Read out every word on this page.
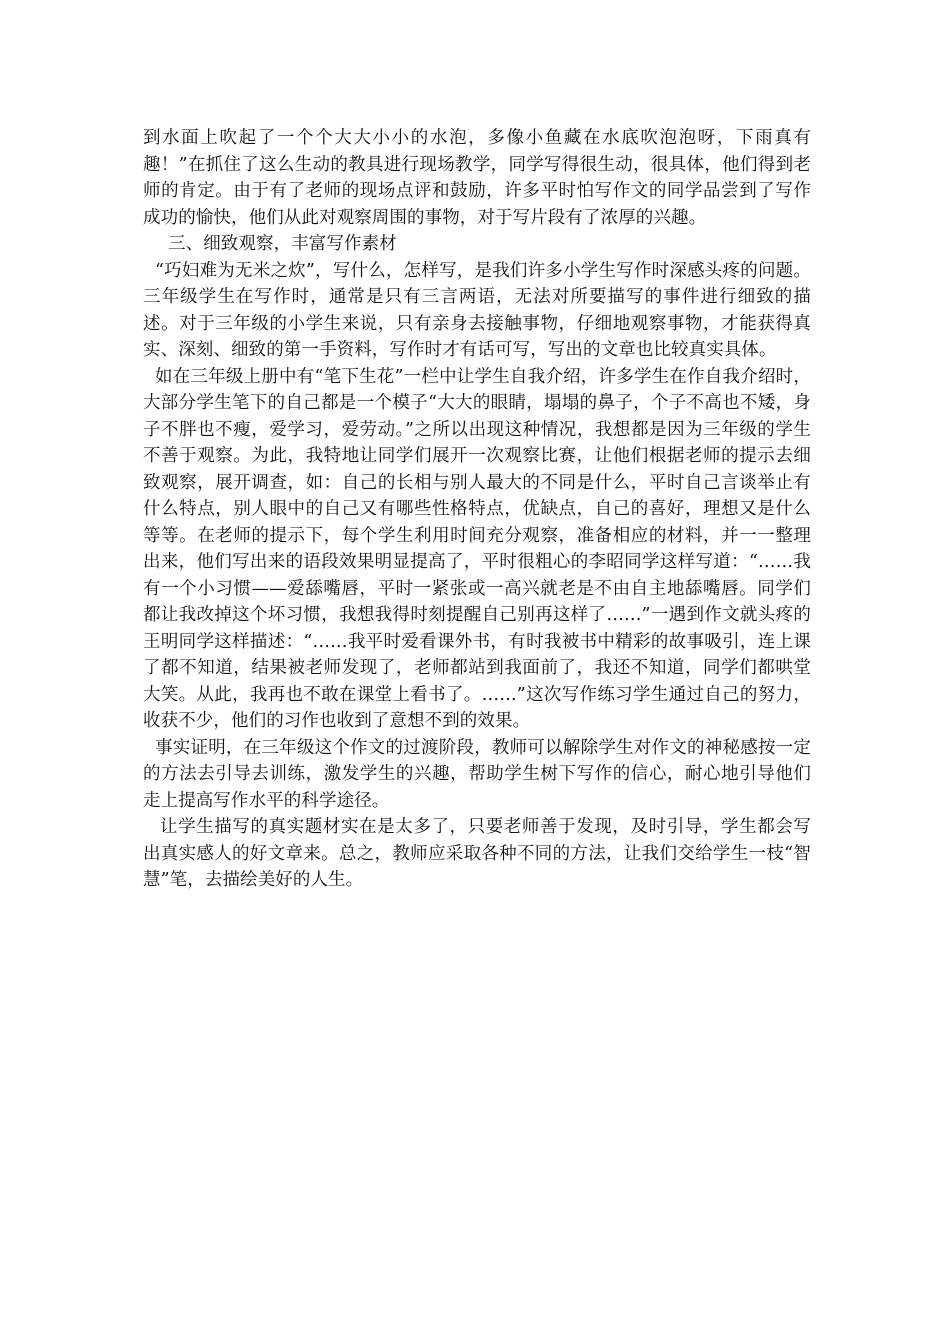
到水面上吹起了一个个大大小小的水泡，多像小鱼藏在水底吹泡泡呀，下雨真有趣！”在抓住了这么生动的教具进行现场教学，同学写得很生动，很具体，他们得到老师的肯定。由于有了老师的现场点评和鼓励，许多平时怕写作文的同学品尝到了写作成功的愉快，他们从此对观察周围的事物，对于写片段有了浓厚的兴趣。

三、细致观察，丰富写作素材

“巧妇难为无米之炊”，写什么，怎样写，是我们许多小学生写作时深感头疼的问题。三年级学生在写作时，通常是只有三言两语，无法对所要描写的事件进行细致的描述。对于三年级的小学生来说，只有亲身去接触事物，仔细地观察事物，才能获得真实、深刻、细致的第一手资料，写作时才有话可写，写出的文章也比较真实具体。

如在三年级上册中有“笔下生花”一栏中让学生自我介绍，许多学生在作自我介绍时，大部分学生笔下的自己都是一个模子“大大的眼睛，塌塌的鼻子，个子不高也不矮，身子不胖也不瘦，爱学习，爱劳动。”之所以出现这种情况，我想都是因为三年级的学生不善于观察。为此，我特地让同学们展开一次观察比赛，让他们根据老师的提示去细致观察，展开调查，如：自己的长相与别人最大的不同是什么，平时自己言谈举止有什么特点，别人眼中的自己又有哪些性格特点，优缺点，自己的喜好，理想又是什么等等。在老师的提示下，每个学生利用时间充分观察，准备相应的材料，并一一整理出来，他们写出来的语段效果明显提高了，平时很粗心的李昭同学这样写道：“……我有一个小习惯——爱舔嘴唇，平时一紧张或一高兴就老是不由自主地舔嘴唇。同学们都让我改掉这个坏习惯，我想我得时刻提醒自己别再这样了……”一遇到作文就头疼的王明同学这样描述：“……我平时爱看课外书，有时我被书中精彩的故事吸引，连上课了都不知道，结果被老师发现了，老师都站到我面前了，我还不知道，同学们都哄堂大笑。从此，我再也不敢在课堂上看书了。……”这次写作练习学生通过自己的努力，收获不少，他们的习作也收到了意想不到的效果。

事实证明，在三年级这个作文的过渡阶段，教师可以解除学生对作文的神秘感按一定的方法去引导去训练，激发学生的兴趣，帮助学生树下写作的信心，耐心地引导他们走上提高写作水平的科学途径。

让学生描写的真实题材实在是太多了，只要老师善于发现，及时引导，学生都会写出真实感人的好文章来。总之，教师应采取各种不同的方法，让我们交给学生一枝“智慧”笔，去描绘美好的人生。
